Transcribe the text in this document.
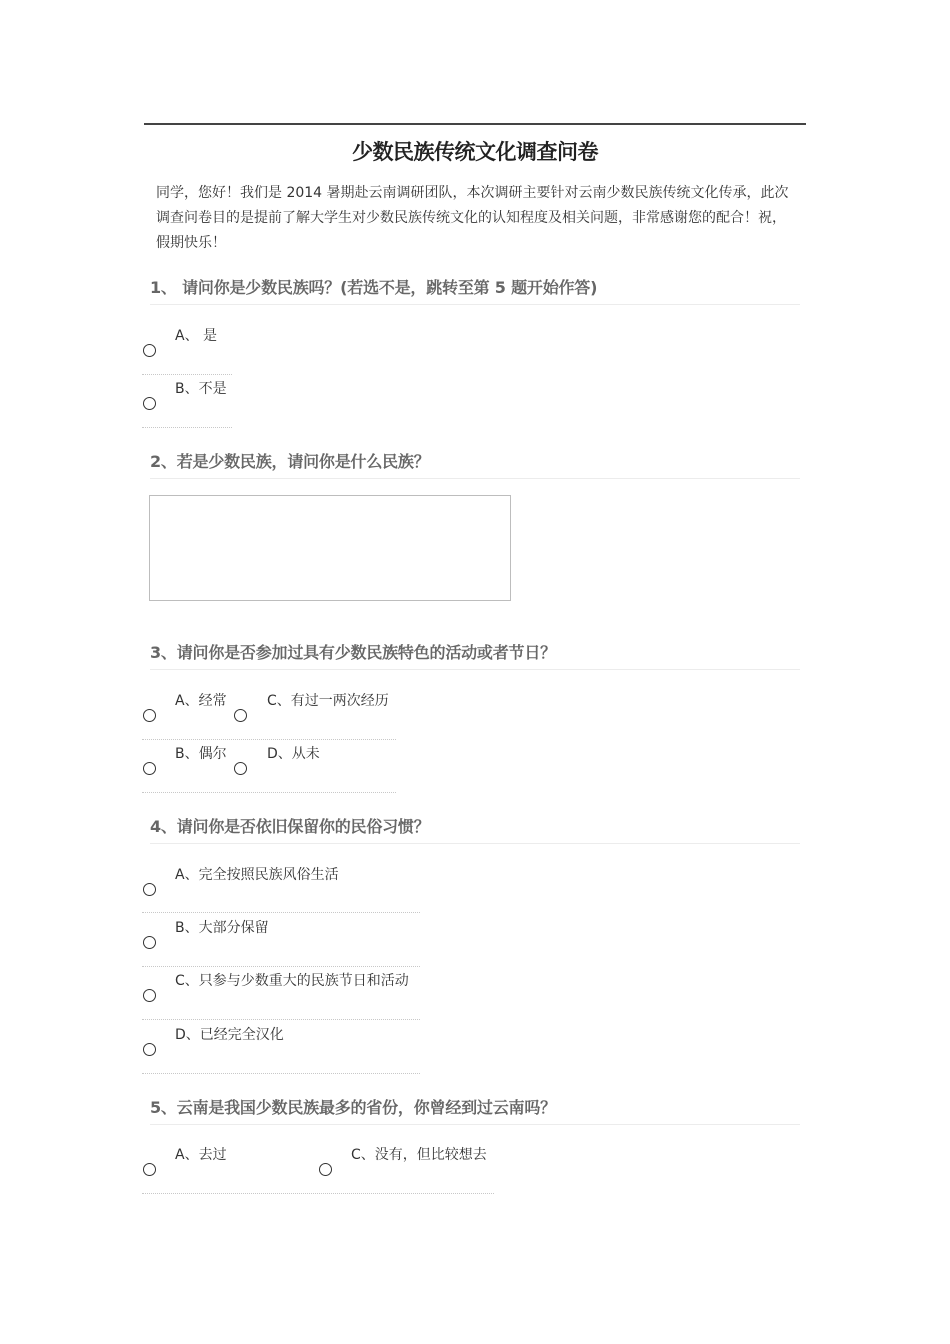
少数民族传统文化调查问卷
同学，您好！我们是 2014 暑期赴云南调研团队，本次调研主要针对云南少数民族传统文化传承，此次调查问卷目的是提前了解大学生对少数民族传统文化的认知程度及相关问题，非常感谢您的配合！祝，假期快乐！
1、 请问你是少数民族吗？(若选不是，跳转至第 5 题开始作答)
A、 是
B、不是
2、若是少数民族，请问你是什么民族？
3、请问你是否参加过具有少数民族特色的活动或者节日？
A、经常	C、有过一两次经历
B、偶尔	D、从未
4、请问你是否依旧保留你的民俗习惯？
A、完全按照民族风俗生活
B、大部分保留
C、只参与少数重大的民族节日和活动
D、已经完全汉化
5、云南是我国少数民族最多的省份，你曾经到过云南吗？
A、去过	C、没有，但比较想去
